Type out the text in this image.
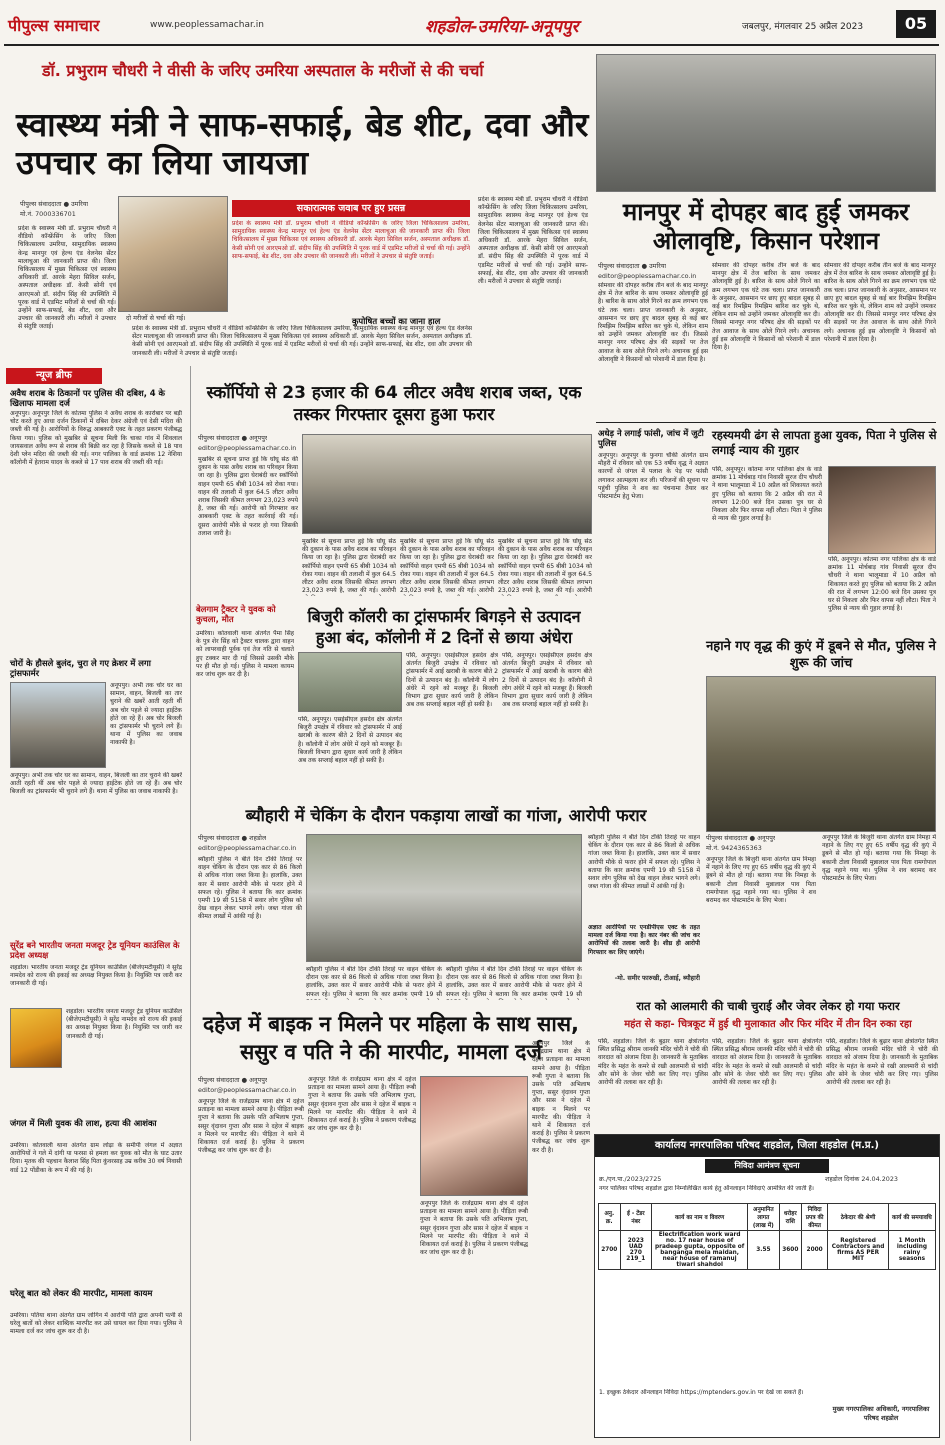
पीपुल्स समाचार	www.peoplessamachar.in	शहडोल-उमरिया-अनूपपुर	जबलपुर, मंगलवार 25 अप्रैल 2023	05
डॉ. प्रभुराम चौधरी ने वीसी के जरिए उमरिया अस्पताल के मरीजों से की चर्चा
स्वास्थ्य मंत्री ने साफ-सफाई, बेड शीट, दवा और उपचार का लिया जायजा
पीपुल्स संवाददाता ● उमरिया
मो.नं. 7000336701
दो मरीजों से चर्चा की गई।
प्रदेश के स्वास्थ्य मंत्री डॉ. प्रभुराम चौधरी ने वीडियो कॉन्फ्रेंसिंग के जरिए जिला चिकित्सालय उमरिया, सामुदायिक स्वास्थ्य केन्द्र मानपुर एवं हेल्थ एंड वेलनेस सेंटर मालाचुआ की जानकारी प्राप्त की। जिला चिकित्सालय में मुख्य चिकित्सा एवं स्वास्थ्य अधिकारी डॉ. आरके मेहरा सिविल सर्जन, अस्पताल अधीक्षक डॉ. केसी सोनी एवं आरएमओ डॉ. संदीप सिंह की उपस्थिति में पूरक वार्ड में एडमिट मरीजों से चर्चा की गई। उन्होंने साफ-सफाई, बेड शीट, दवा और उपचार की जानकारी ली। मरीजों ने उपचार से संतुष्टि जताई।
सकारात्मक जवाब पर हुए प्रसन्न
प्रदेश के स्वास्थ्य मंत्री डॉ. प्रभुराम चौधरी ने वीडियो कॉन्फ्रेंसिंग के जरिए जिला चिकित्सालय उमरिया, सामुदायिक स्वास्थ्य केन्द्र मानपुर एवं हेल्थ एंड वेलनेस सेंटर मालाचुआ की जानकारी प्राप्त की। जिला चिकित्सालय में मुख्य चिकित्सा एवं स्वास्थ्य अधिकारी डॉ. आरके मेहरा सिविल सर्जन, अस्पताल अधीक्षक डॉ. केसी सोनी एवं आरएमओ डॉ. संदीप सिंह की उपस्थिति में पूरक वार्ड में एडमिट मरीजों से चर्चा की गई। उन्होंने साफ-सफाई, बेड शीट, दवा और उपचार की जानकारी ली। मरीजों ने उपचार से संतुष्टि जताई।
प्रदेश के स्वास्थ्य मंत्री डॉ. प्रभुराम चौधरी ने वीडियो कॉन्फ्रेंसिंग के जरिए जिला चिकित्सालय उमरिया, सामुदायिक स्वास्थ्य केन्द्र मानपुर एवं हेल्थ एंड वेलनेस सेंटर मालाचुआ की जानकारी प्राप्त की। जिला चिकित्सालय में मुख्य चिकित्सा एवं स्वास्थ्य अधिकारी डॉ. आरके मेहरा सिविल सर्जन, अस्पताल अधीक्षक डॉ. केसी सोनी एवं आरएमओ डॉ. संदीप सिंह की उपस्थिति में पूरक वार्ड में एडमिट मरीजों से चर्चा की गई। उन्होंने साफ-सफाई, बेड शीट, दवा और उपचार की जानकारी ली। मरीजों ने उपचार से संतुष्टि जताई।
कुपोषित बच्चों का जाना हाल
प्रदेश के स्वास्थ्य मंत्री डॉ. प्रभुराम चौधरी ने वीडियो कॉन्फ्रेंसिंग के जरिए जिला चिकित्सालय उमरिया, सामुदायिक स्वास्थ्य केन्द्र मानपुर एवं हेल्थ एंड वेलनेस सेंटर मालाचुआ की जानकारी प्राप्त की। जिला चिकित्सालय में मुख्य चिकित्सा एवं स्वास्थ्य अधिकारी डॉ. आरके मेहरा सिविल सर्जन, अस्पताल अधीक्षक डॉ. केसी सोनी एवं आरएमओ डॉ. संदीप सिंह की उपस्थिति में पूरक वार्ड में एडमिट मरीजों से चर्चा की गई। उन्होंने साफ-सफाई, बेड शीट, दवा और उपचार की जानकारी ली। मरीजों ने उपचार से संतुष्टि जताई।
मानपुर में दोपहर बाद हुई जमकर ओलावृष्टि, किसान परेशान
पीपुल्स संवाददाता ● उमरिया
editor@peoplessamachar.co.in
सोमवार की दोपहर करीब तीन बजे के बाद मानपुर क्षेत्र में तेज बारिश के साथ जमकर ओलावृष्टि हुई है। बारिश के साथ ओले गिरने का क्रम लगभग एक घंटे तक चला। प्राप्त जानकारी के अनुसार, आसमान पर छाए हुए बादल सुबह से कई बार रिमझिम रिमझिम बारिश कर चुके थे, लेकिन शाम को उन्होंने जमकर ओलावृष्टि कर दी। जिससे मानपुर नगर परिषद क्षेत्र की सड़कों पर तेज आवाज के साथ ओले गिरने लगे। अचानक हुई इस ओलावृष्टि ने किसानों को परेशानी में डाल दिया है।
सोमवार की दोपहर करीब तीन बजे के बाद मानपुर क्षेत्र में तेज बारिश के साथ जमकर ओलावृष्टि हुई है। बारिश के साथ ओले गिरने का क्रम लगभग एक घंटे तक चला। प्राप्त जानकारी के अनुसार, आसमान पर छाए हुए बादल सुबह से कई बार रिमझिम रिमझिम बारिश कर चुके थे, लेकिन शाम को उन्होंने जमकर ओलावृष्टि कर दी। जिससे मानपुर नगर परिषद क्षेत्र की सड़कों पर तेज आवाज के साथ ओले गिरने लगे। अचानक हुई इस ओलावृष्टि ने किसानों को परेशानी में डाल दिया है।
सोमवार की दोपहर करीब तीन बजे के बाद मानपुर क्षेत्र में तेज बारिश के साथ जमकर ओलावृष्टि हुई है। बारिश के साथ ओले गिरने का क्रम लगभग एक घंटे तक चला। प्राप्त जानकारी के अनुसार, आसमान पर छाए हुए बादल सुबह से कई बार रिमझिम रिमझिम बारिश कर चुके थे, लेकिन शाम को उन्होंने जमकर ओलावृष्टि कर दी। जिससे मानपुर नगर परिषद क्षेत्र की सड़कों पर तेज आवाज के साथ ओले गिरने लगे। अचानक हुई इस ओलावृष्टि ने किसानों को परेशानी में डाल दिया है।
न्यूज ब्रीफ
अवैध शराब के ठिकानों पर पुलिस की दबिश, 4 के खिलाफ मामला दर्ज
अनूपपुर। अनूपपुर जिले के कोतमा पुलिस ने अवैध शराब के कारोबार पर बड़ी चोट करते हुए आधा दर्जन ठिकानों में दबिश देकर अंग्रेजी एवं देसी मदिरा की जब्ती की गई है। आरोपियों के विरुद्ध आबकारी एक्ट के तहत प्रकरण पंजीबद्ध किया गया। पुलिस को मुखबिर से सूचना मिली कि चाका गांव में शिवलाल जायसवाल अवैध रूप से शराब की बिक्री कर रहा है जिसके कब्जे से 18 पाव देशी प्लेन मदिरा की जब्ती की गई। नगर पालिका के वार्ड क्रमांक 12 नेशिया कॉलोनी में हेतराम यादव के कब्जे से 17 पाव शराब की जब्ती की गई।
चोरों के हौसले बुलंद, चुरा ले गए क्रेशर में लगा ट्रांसफार्मर
अनूपपुर। अभी तक चोर घर का सामान, वाहन, बिजली का तार चुराने की खबरें आती रहती थीं अब चोर पहले से ज्यादा हाईटेक होते जा रहे हैं। अब चोर बिजली का ट्रांसफार्मर भी चुराने लगे हैं। थाना में पुलिस का जवाब नाकाफी है।
अनूपपुर। अभी तक चोर घर का सामान, वाहन, बिजली का तार चुराने की खबरें आती रहती थीं अब चोर पहले से ज्यादा हाईटेक होते जा रहे हैं। अब चोर बिजली का ट्रांसफार्मर भी चुराने लगे हैं। थाना में पुलिस का जवाब नाकाफी है।
सुरेंद्र बने भारतीय जनता मजदूर ट्रेड यूनियन काउंसिल के प्रदेश अध्यक्ष
शहडोल। भारतीय जनता मजदूर ट्रेड यूनियन काउंसिल (बीजेएमटीयूसी) ने सुरेंद्र नामदेव को राज्य की इकाई का अध्यक्ष नियुक्त किया है। नियुक्ति पत्र जारी कर जानकारी दी गई।
शहडोल। भारतीय जनता मजदूर ट्रेड यूनियन काउंसिल (बीजेएमटीयूसी) ने सुरेंद्र नामदेव को राज्य की इकाई का अध्यक्ष नियुक्त किया है। नियुक्ति पत्र जारी कर जानकारी दी गई।
जंगल में मिली युवक की लाश, हत्या की आशंका
उमरिया। कोतवाली थाना अंतर्गत ग्राम लोढ़ा के समीपी जंगल में अज्ञात आरोपियों ने गले में दांगी या फरसा से हमला कर युवक को मौत के घाट उतार दिया। मृतक की पहचान कैलाश सिंह पिता कुंवरसाह उम्र करीब 30 वर्ष निवासी वार्ड 12 पोंडीका के रूप में की गई है।
घरेलू बात को लेकर की मारपीट, मामला कायम
उमरिया। पतिया थाना अंतर्गत ग्राम जोगिन में आरोपी पति द्वारा अपनी पत्नी से घरेलू बातों को लेकर शाब्दिक मारपीट कर उसे घायल कर दिया गया। पुलिस ने मामला दर्ज कर जांच शुरू कर दी है।
स्कॉर्पियो से 23 हजार की 64 लीटर अवैध शराब जब्त, एक तस्कर गिरफ्तार दूसरा हुआ फरार
पीपुल्स संवाददाता ● अनूपपुर
editor@peoplessamachar.co.in
मुखबिर से सूचना प्राप्त हुई कि घोंघू सेठ की दुकान के पास अवैध शराब का परिवहन किया जा रहा है। पुलिस द्वारा घेराबंदी कर स्कॉर्पियो वाहन एमपी 65 बीबी 1034 को रोका गया। वाहन की तलाशी में कुल 64.5 लीटर अवैध शराब जिसकी कीमत लगभग 23,023 रुपये है, जब्त की गई। आरोपी को गिरफ्तार कर आबकारी एक्ट के तहत कार्रवाई की गई। दूसरा आरोपी मौके से फरार हो गया जिसकी तलाश जारी है।
मुखबिर से सूचना प्राप्त हुई कि घोंघू सेठ की दुकान के पास अवैध शराब का परिवहन किया जा रहा है। पुलिस द्वारा घेराबंदी कर स्कॉर्पियो वाहन एमपी 65 बीबी 1034 को रोका गया। वाहन की तलाशी में कुल 64.5 लीटर अवैध शराब जिसकी कीमत लगभग 23,023 रुपये है, जब्त की गई। आरोपी
मुखबिर से सूचना प्राप्त हुई कि घोंघू सेठ की दुकान के पास अवैध शराब का परिवहन किया जा रहा है। पुलिस द्वारा घेराबंदी कर स्कॉर्पियो वाहन एमपी 65 बीबी 1034 को रोका गया। वाहन की तलाशी में कुल 64.5 लीटर अवैध शराब जिसकी कीमत लगभग 23,023 रुपये है, जब्त की गई। आरोपी
मुखबिर से सूचना प्राप्त हुई कि घोंघू सेठ की दुकान के पास अवैध शराब का परिवहन किया जा रहा है। पुलिस द्वारा घेराबंदी कर स्कॉर्पियो वाहन एमपी 65 बीबी 1034 को रोका गया। वाहन की तलाशी में कुल 64.5 लीटर अवैध शराब जिसकी कीमत लगभग 23,023 रुपये है, जब्त की गई। आरोपी
अधेड़ ने लगाई फांसी, जांच में जुटी पुलिस
अनूपपुर। अनूपपुर के फुनगा चौकी अंतर्गत ग्राम मौहरी में रविवार को एक 53 वर्षीय वृद्ध ने अज्ञात कारणों से जंगल में पलाश के पेड़ पर फांसी लगाकर आत्महत्या कर ली। परिजनों की सूचना पर पहुंची पुलिस ने शव का पंचनामा तैयार कर पोस्टमार्टम हेतु भेजा।
रहस्यमयी ढंग से लापता हुआ युवक, पिता ने पुलिस से लगाई न्याय की गुहार
पसि, अनूपपुर। कोतमा नगर पालिका क्षेत्र के वार्ड क्रमांक 11 मोर्चबाड़ गांव निवासी सुरज दीप चौधरी ने थाना भालूमाडा में 10 अप्रैल को शिकायत करते हुए पुलिस को बताया कि 2 अप्रैल की रात में लगभग 12:00 बजे दिन उसका पुत्र घर से निकला और फिर वापस नहीं लौटा। पिता ने पुलिस से न्याय की गुहार लगाई है।
पसि, अनूपपुर। कोतमा नगर पालिका क्षेत्र के वार्ड क्रमांक 11 मोर्चबाड़ गांव निवासी सुरज दीप चौधरी ने थाना भालूमाडा में 10 अप्रैल को शिकायत करते हुए पुलिस को बताया कि 2 अप्रैल की रात में लगभग 12:00 बजे दिन उसका पुत्र घर से निकला और फिर वापस नहीं लौटा। पिता ने पुलिस से न्याय की गुहार लगाई है।
बेलगाम ट्रैक्टर ने युवक को कुचला, मौत
उमरिया। कोतवाली थाना अंतर्गत पैमा सिंह के पुत्र शेर सिंह को ट्रैक्टर चालक द्वारा वाहन को लापरवाही पूर्वक एवं तेज गति से चलाते हुए टक्कर मार दी गई जिससे उसकी मौके पर ही मौत हो गई। पुलिस ने मामला कायम कर जांच शुरू कर दी है।
बिजुरी कॉलरी का ट्रांसफार्मर बिगड़ने से उत्पादन हुआ बंद, कॉलोनी में 2 दिनों से छाया अंधेरा
पसि, अनूपपुर। एसईसीएल हसदेव क्षेत्र अंतर्गत बिजुरी उपक्षेत्र में रविवार को ट्रांसफार्मर में आई खराबी के कारण बीते 2 दिनों से उत्पादन बंद है। कॉलोनी में लोग अंधेरे में रहने को मजबूर हैं। बिजली विभाग द्वारा सुधार कार्य जारी है लेकिन अब तक सप्लाई बहाल नहीं हो सकी है।
पसि, अनूपपुर। एसईसीएल हसदेव क्षेत्र अंतर्गत बिजुरी उपक्षेत्र में रविवार को ट्रांसफार्मर में आई खराबी के कारण बीते 2 दिनों से उत्पादन बंद है। कॉलोनी में लोग अंधेरे में रहने को मजबूर हैं। बिजली विभाग द्वारा सुधार कार्य जारी है लेकिन अब तक सप्लाई बहाल नहीं हो सकी है।
पसि, अनूपपुर। एसईसीएल हसदेव क्षेत्र अंतर्गत बिजुरी उपक्षेत्र में रविवार को ट्रांसफार्मर में आई खराबी के कारण बीते 2 दिनों से उत्पादन बंद है। कॉलोनी में लोग अंधेरे में रहने को मजबूर हैं। बिजली विभाग द्वारा सुधार कार्य जारी है लेकिन अब तक सप्लाई बहाल नहीं हो सकी है।
नहाने गए वृद्ध की कुएं में डूबने से मौत, पुलिस ने शुरू की जांच
पीपुल्स संवाददाता ● अनूपपुर
मो.नं. 9424365363
अनूपपुर जिले के बिजुरी थाना अंतर्गत ग्राम निमहा में नहाने के लिए गए हुए 65 वर्षीय वृद्ध की कुएं में डूबने से मौत हो गई। बताया गया कि निमहा के बकानी टोला निवासी मुन्नालाल पाव पिता रामगोपाल वृद्ध नहाने गया था। पुलिस ने शव बरामद कर पोस्टमार्टम के लिए भेजा।
अनूपपुर जिले के बिजुरी थाना अंतर्गत ग्राम निमहा में नहाने के लिए गए हुए 65 वर्षीय वृद्ध की कुएं में डूबने से मौत हो गई। बताया गया कि निमहा के बकानी टोला निवासी मुन्नालाल पाव पिता रामगोपाल वृद्ध नहाने गया था। पुलिस ने शव बरामद कर पोस्टमार्टम के लिए भेजा।
ब्यौहारी में चेकिंग के दौरान पकड़ाया लाखों का गांजा, आरोपी फरार
पीपुल्स संवाददाता ● शहडोल
editor@peoplessamachar.co.in
ब्यौहारी पुलिस ने बीते दिन टॉकी तिराहे पर वाहन चेकिंग के दौरान एक कार से 86 किलो से अधिक गांजा जब्त किया है। हालांकि, उक्त कार में सवार आरोपी मौके से फरार होने में सफल रहे। पुलिस ने बताया कि कार क्रमांक एमपी 19 सी 5158 में सवार लोग पुलिस को देख वाहन लेकर भागने लगे। जब्त गांजा की कीमत लाखों में आंकी गई है।
ब्यौहारी पुलिस ने बीते दिन टॉकी तिराहे पर वाहन चेकिंग के दौरान एक कार से 86 किलो से अधिक गांजा जब्त किया है। हालांकि, उक्त कार में सवार आरोपी मौके से फरार होने में सफल रहे। पुलिस ने बताया कि कार क्रमांक एमपी 19 सी
ब्यौहारी पुलिस ने बीते दिन टॉकी तिराहे पर वाहन चेकिंग के दौरान एक कार से 86 किलो से अधिक गांजा जब्त किया है। हालांकि, उक्त कार में सवार आरोपी मौके से फरार होने में सफल रहे। पुलिस ने बताया कि कार क्रमांक एमपी 19 सी
ब्यौहारी पुलिस ने बीते दिन टॉकी तिराहे पर वाहन चेकिंग के दौरान एक कार से 86 किलो से अधिक गांजा जब्त किया है। हालांकि, उक्त कार में सवार आरोपी मौके से फरार होने में सफल रहे। पुलिस ने बताया कि कार क्रमांक एमपी 19 सी 5158 में सवार लोग पुलिस को देख वाहन लेकर भागने लगे। जब्त गांजा की कीमत लाखों में आंकी गई है।
अज्ञात आरोपियों पर एनडीपीएस एक्ट के तहत मामला दर्ज किया गया है। कार नंबर की जांच कर आरोपियों की तलाश जारी है। शीघ्र ही आरोपी गिरफ्तार कर लिए जाएंगे।
-मो. समीर फारुखी, टीआई, ब्यौहारी
दहेज में बाइक न मिलने पर महिला के साथ सास, ससुर व पति ने की मारपीट, मामला दर्ज
पीपुल्स संवाददाता ● अनूपपुर
editor@peoplessamachar.co.in
अनूपपुर जिले के राजेंद्रग्राम थाना क्षेत्र में दहेज प्रताड़ना का मामला सामने आया है। पीड़िता रूबी गुप्ता ने बताया कि उसके पति अभिलाष गुप्ता, ससुर वृंदावन गुप्ता और सास ने दहेज में बाइक न मिलने पर मारपीट की। पीड़िता ने थाने में शिकायत दर्ज कराई है। पुलिस ने प्रकरण पंजीबद्ध कर जांच शुरू कर दी है।
अनूपपुर जिले के राजेंद्रग्राम थाना क्षेत्र में दहेज प्रताड़ना का मामला सामने आया है। पीड़िता रूबी गुप्ता ने बताया कि उसके पति अभिलाष गुप्ता, ससुर वृंदावन गुप्ता और सास ने दहेज में बाइक न मिलने पर मारपीट की। पीड़िता ने थाने में शिकायत दर्ज कराई है। पुलिस ने प्रकरण पंजीबद्ध कर जांच शुरू कर दी है।
अनूपपुर जिले के राजेंद्रग्राम थाना क्षेत्र में दहेज प्रताड़ना का मामला सामने आया है। पीड़िता रूबी गुप्ता ने बताया कि उसके पति अभिलाष गुप्ता, ससुर वृंदावन गुप्ता और सास ने दहेज में बाइक न मिलने पर मारपीट की। पीड़िता ने थाने में शिकायत दर्ज कराई है। पुलिस ने प्रकरण पंजीबद्ध कर जांच शुरू कर दी है।
अनूपपुर जिले के राजेंद्रग्राम थाना क्षेत्र में दहेज प्रताड़ना का मामला सामने आया है। पीड़िता रूबी गुप्ता ने बताया कि उसके पति अभिलाष गुप्ता, ससुर वृंदावन गुप्ता और सास ने दहेज में बाइक न मिलने पर मारपीट की। पीड़िता ने थाने में शिकायत दर्ज कराई है। पुलिस ने प्रकरण पंजीबद्ध कर जांच शुरू कर दी है।
रात को आलमारी की चाबी चुराई और जेवर लेकर हो गया फरार
महंत से कहा- चित्रकूट में हुई थी मुलाकात और फिर मंदिर में तीन दिन रुका रहा
पसि, शहडोल। जिले के बुढ़ार थाना क्षेत्रांतर्गत स्थित प्रसिद्ध श्रीराम जानकी मंदिर चोरी ने चोरी की वारदात को अंजाम दिया है। जानकारी के मुताबिक मंदिर के महंत के कमरे से रखी आलमारी से चांदी और सोने के जेवर चोरी कर लिए गए। पुलिस आरोपी की तलाश कर रही है।
पसि, शहडोल। जिले के बुढ़ार थाना क्षेत्रांतर्गत स्थित प्रसिद्ध श्रीराम जानकी मंदिर चोरी ने चोरी की वारदात को अंजाम दिया है। जानकारी के मुताबिक मंदिर के महंत के कमरे से रखी आलमारी से चांदी और सोने के जेवर चोरी कर लिए गए। पुलिस आरोपी की तलाश कर रही है।
पसि, शहडोल। जिले के बुढ़ार थाना क्षेत्रांतर्गत स्थित प्रसिद्ध श्रीराम जानकी मंदिर चोरी ने चोरी की वारदात को अंजाम दिया है। जानकारी के मुताबिक मंदिर के महंत के कमरे से रखी आलमारी से चांदी और सोने के जेवर चोरी कर लिए गए। पुलिस आरोपी की तलाश कर रही है।
कार्यालय नगरपालिका परिषद शहडोल, जिला शहडोल (म.प्र.)
निविदा आमंत्रण सूचना
क्र./एन.पा./2023/2725	शहडोल दिनांक 24.04.2023
नगर पालिका परिषद शहडोल द्वारा निम्नलिखित कार्य हेतु ऑनलाइन निविदाएं आमंत्रित की जाती हैं।
अनु. क्र.	ई - टेंडर नंबर	कार्य का नाम व विवरण	अनुमानित लागत (लाख में)	धरोहर राशि	निविदा प्रपत्र की कीमत	ठेकेदार की श्रेणी	कार्य की समयावधि
2700	2023 UAD 270 219_1	Electrification work ward no. 17 near house of pradeep gupta, opposite of banganga mela maidan, near house of ramanuj tiwari shahdol	3.55	3600	2000	Registered Contractors and firms AS PER MIT	1 Month including rainy seasons
1. इच्छुक ठेकेदार ऑनलाइन निविदा https://mptenders.gov.in पर देखें जा सकते हैं।
मुख्य नगरपालिका अधिकारी, नगरपालिका परिषद शहडोल
